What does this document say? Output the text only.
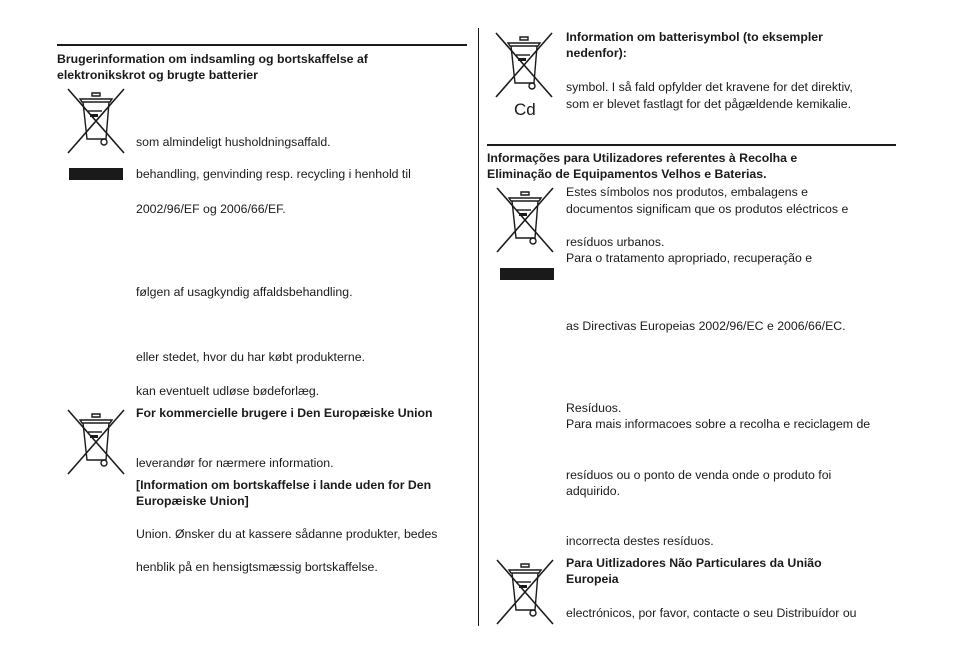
Brugerinformation om indsamling og bortskaffelse af
elektronikskrot og brugte batterier
som almindeligt husholdningsaffald.
behandling, genvinding resp. recycling i henhold til
2002/96/EF og 2006/66/EF.
følgen af usagkyndig affaldsbehandling.
eller stedet, hvor du har købt produkterne.
kan eventuelt udløse bødeforlæg.
For kommercielle brugere i Den Europæiske Union
leverandør for nærmere information.
[Information om bortskaffelse i lande uden for Den
Europæiske Union]
Union. Ønsker du at kassere sådanne produkter, bedes
henblik på en hensigtsmæssig bortskaffelse.
Cd
Information om batterisymbol (to eksempler
nedenfor):
symbol. I så fald opfylder det kravene for det direktiv,
som er blevet fastlagt for det pågældende kemikalie.
Informações para Utilizadores referentes à Recolha e
Eliminação de Equipamentos Velhos e Baterias.
Estes símbolos nos produtos, embalagens e
documentos significam que os produtos eléctricos e
resíduos urbanos.
Para o tratamento apropriado, recuperação e
as Directivas Europeias 2002/96/EC e 2006/66/EC.
Resíduos.
Para mais informacoes sobre a recolha e reciclagem de
resíduos ou o ponto de venda onde o produto foi
adquirido.
incorrecta destes resíduos.
Para Uitlizadores Não Particulares da União
Europeia
electrónicos, por favor, contacte o seu Distribuídor ou
